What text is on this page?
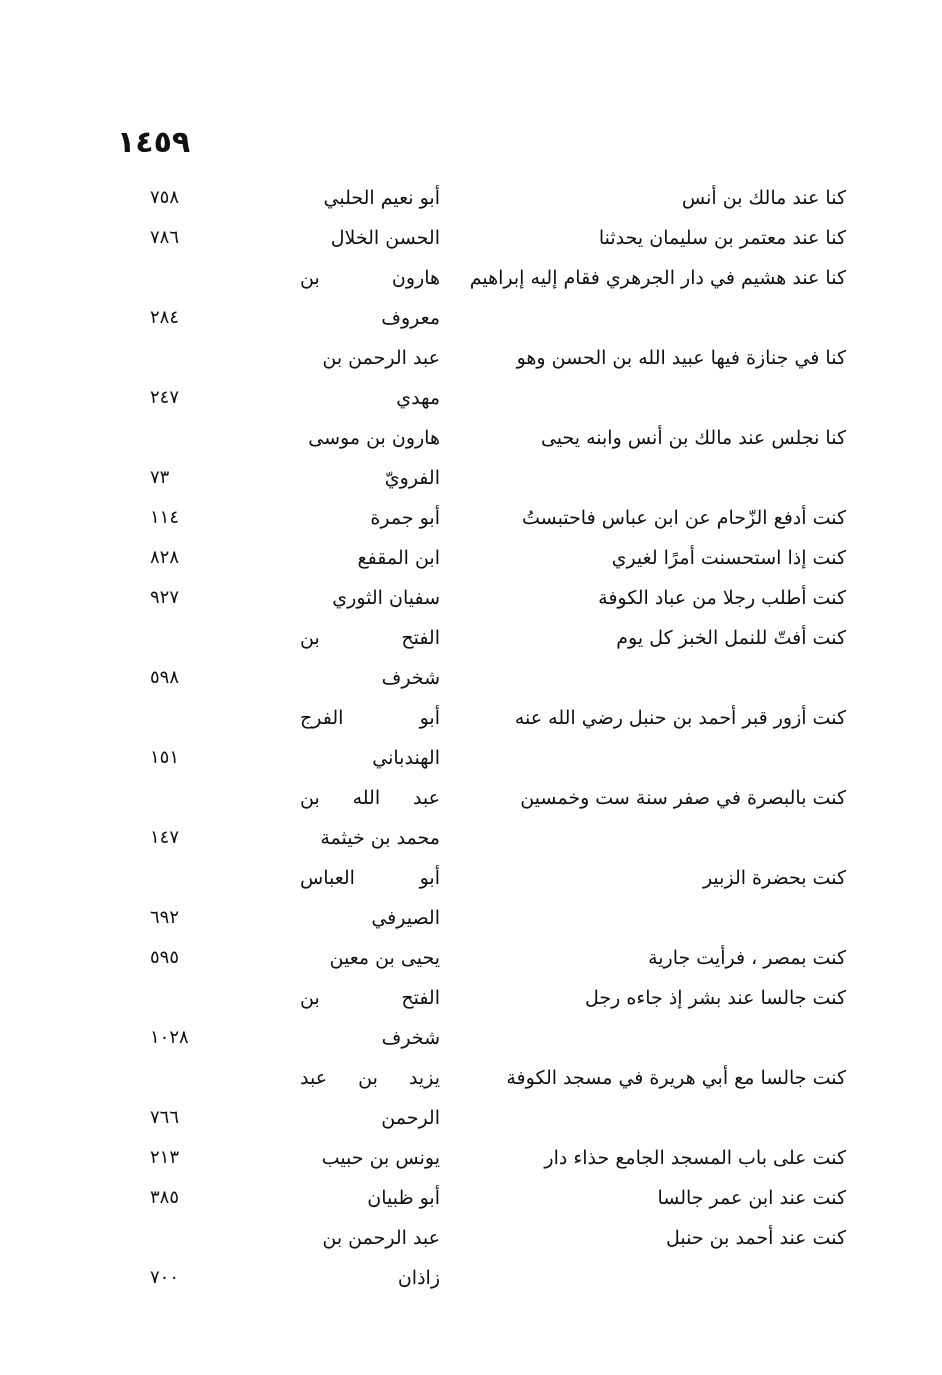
١٤٥٩
كنا عند مالك بن أنس
أبو نعيم الحلبي
٧٥٨
كنا عند معتمر بن سليمان يحدثنا
الحسن الخلال
٧٨٦
كنا عند هشيم في دار الجرهري فقام إليه إبراهيم
هارون بن
معروف
٢٨٤
كنا في جنازة فيها عبيد الله بن الحسن وهو
عبد الرحمن بن
مهدي
٢٤٧
كنا نجلس عند مالك بن أنس وابنه يحيى
هارون بن موسى
الفرويّ
٧٣
كنت أدفع الزّحام عن ابن عباس فاحتبستُ
أبو جمرة
١١٤
كنت إذا استحسنت أمرًا لغيري
ابن المقفع
٨٢٨
كنت أطلب رجلا من عباد الكوفة
سفيان الثوري
٩٢٧
كنت أفتّ للنمل الخبز كل يوم
الفتح بن
شخرف
٥٩٨
كنت أزور قبر أحمد بن حنبل رضي الله عنه
أبو الفرج
الهندباني
١٥١
كنت بالبصرة في صفر سنة ست وخمسين
عبد الله بن
محمد بن خيثمة
١٤٧
كنت بحضرة الزبير
أبو العباس
الصيرفي
٦٩٢
كنت بمصر ، فرأيت جارية
يحيى بن معين
٥٩٥
كنت جالسا عند بشر إذ جاءه رجل
الفتح بن
شخرف
١٠٢٨
كنت جالسا مع أبي هريرة في مسجد الكوفة
يزيد بن عبد
الرحمن
٧٦٦
كنت على باب المسجد الجامع حذاء دار
يونس بن حبيب
٢١٣
كنت عند ابن عمر جالسا
أبو ظبيان
٣٨٥
كنت عند أحمد بن حنبل
عبد الرحمن بن
زاذان
٧٠٠
